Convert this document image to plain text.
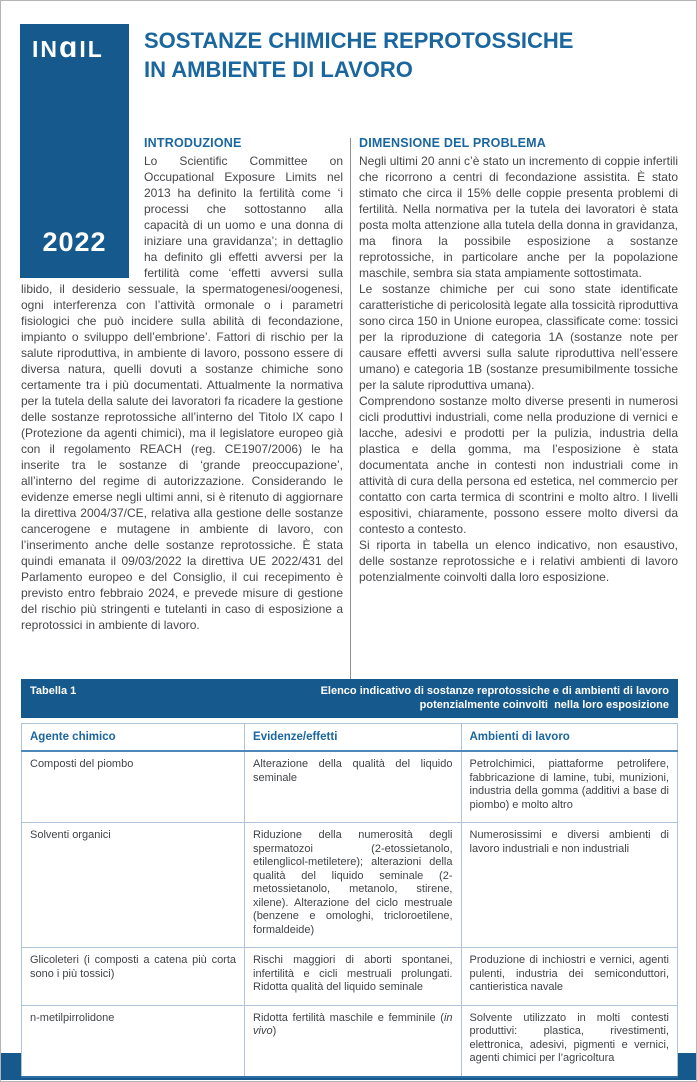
IN ɑ IL
2022
SOSTANZE CHIMICHE REPROTOSSICHE
IN AMBIENTE DI LAVORO
INTRODUZIONE

Lo Scientific Committee on Occupational Exposure Limits nel 2013 ha definito la fertilità come ‘i processi che sottostanno alla capacità di un uomo e una donna di iniziare una gravidanza’; in dettaglio ha definito gli effetti avversi per la fertilità come ‘effetti avversi sulla libido, il desiderio sessuale, la spermatogenesi/oogenesi, ogni interferenza con l’attività ormonale o i parametri fisiologici che può incidere sulla abilità di fecondazione, impianto o sviluppo dell’embrione’. Fattori di rischio per la salute riproduttiva, in ambiente di lavoro, possono essere di diversa natura, quelli dovuti a sostanze chimiche sono certamente tra i più documentati. Attualmente la normativa per la tutela della salute dei lavoratori fa ricadere la gestione delle sostanze reprotossiche all’interno del Titolo IX capo I (Protezione da agenti chimici), ma il legislatore europeo già con il regolamento REACH (reg. CE1907/2006) le ha inserite tra le sostanze di ‘grande preoccupazione’, all’interno del regime di autorizzazione. Considerando le evidenze emerse negli ultimi anni, si è ritenuto di aggiornare la direttiva 2004/37/CE, relativa alla gestione delle sostanze cancerogene e mutagene in ambiente di lavoro, con l’inserimento anche delle sostanze reprotossiche. È stata quindi emanata il 09/03/2022 la direttiva UE 2022/431 del Parlamento europeo e del Consiglio, il cui recepimento è previsto entro febbraio 2024, e prevede misure di gestione del rischio più stringenti e tutelanti in caso di esposizione a reprotossici in ambiente di lavoro.

DIMENSIONE DEL PROBLEMA

Negli ultimi 20 anni c’è stato un incremento di coppie infertili che ricorrono a centri di fecondazione assistita. È stato stimato che circa il 15% delle coppie presenta problemi di fertilità. Nella normativa per la tutela dei lavoratori è stata posta molta attenzione alla tutela della donna in gravidanza, ma finora la possibile esposizione a sostanze reprotossiche, in particolare anche per la popolazione maschile, sembra sia stata ampiamente sottostimata.

Le sostanze chimiche per cui sono state identificate caratteristiche di pericolosità legate alla tossicità riproduttiva sono circa 150 in Unione europea, classificate come: tossici per la riproduzione di categoria 1A (sostanze note per causare effetti avversi sulla salute riproduttiva nell’essere umano) e categoria 1B (sostanze presumibilmente tossiche per la salute riproduttiva umana).

Comprendono sostanze molto diverse presenti in numerosi cicli produttivi industriali, come nella produzione di vernici e lacche, adesivi e prodotti per la pulizia, industria della plastica e della gomma, ma l’esposizione è stata documentata anche in contesti non industriali come in attività di cura della persona ed estetica, nel commercio per contatto con carta termica di scontrini e molto altro. I livelli espositivi, chiaramente, possono essere molto diversi da contesto a contesto.

Si riporta in tabella un elenco indicativo, non esaustivo, delle sostanze reprotossiche e i relativi ambienti di lavoro potenzialmente coinvolti dalla loro esposizione.

Tabella 1	Elenco indicativo di sostanze reprotossiche e di ambienti di lavoro
potenzialmente coinvolti  nella loro esposizione
Agente chimico	Evidenze/effetti	Ambienti di lavoro
Composti del piombo	Alterazione della qualità del liquido seminale	Petrolchimici, piattaforme petrolifere, fabbricazione di lamine, tubi, munizioni, industria della gomma (additivi a base di piombo) e molto altro
Solventi organici	Riduzione della numerosità degli spermatozoi (2-etossietanolo, etilenglicol-metiletere); alterazioni della qualità del liquido seminale (2-metossietanolo, metanolo, stirene, xilene). Alterazione del ciclo mestruale (benzene e omologhi, tricloroetilene, formaldeide)	Numerosissimi e diversi ambienti di lavoro industriali e non industriali
Glicoleteri (i composti a catena più corta sono i più tossici)	Rischi maggiori di aborti spontanei, infertilità e cicli mestruali prolungati. Ridotta qualità del liquido seminale	Produzione di inchiostri e vernici, agenti pulenti, industria dei semiconduttori, cantieristica navale
n-metilpirrolidone	Ridotta fertilità maschile e femminile (in vivo)	Solvente utilizzato in molti contesti produttivi: plastica, rivestimenti, elettronica, adesivi, pigmenti e vernici, agenti chimici per l’agricoltura
